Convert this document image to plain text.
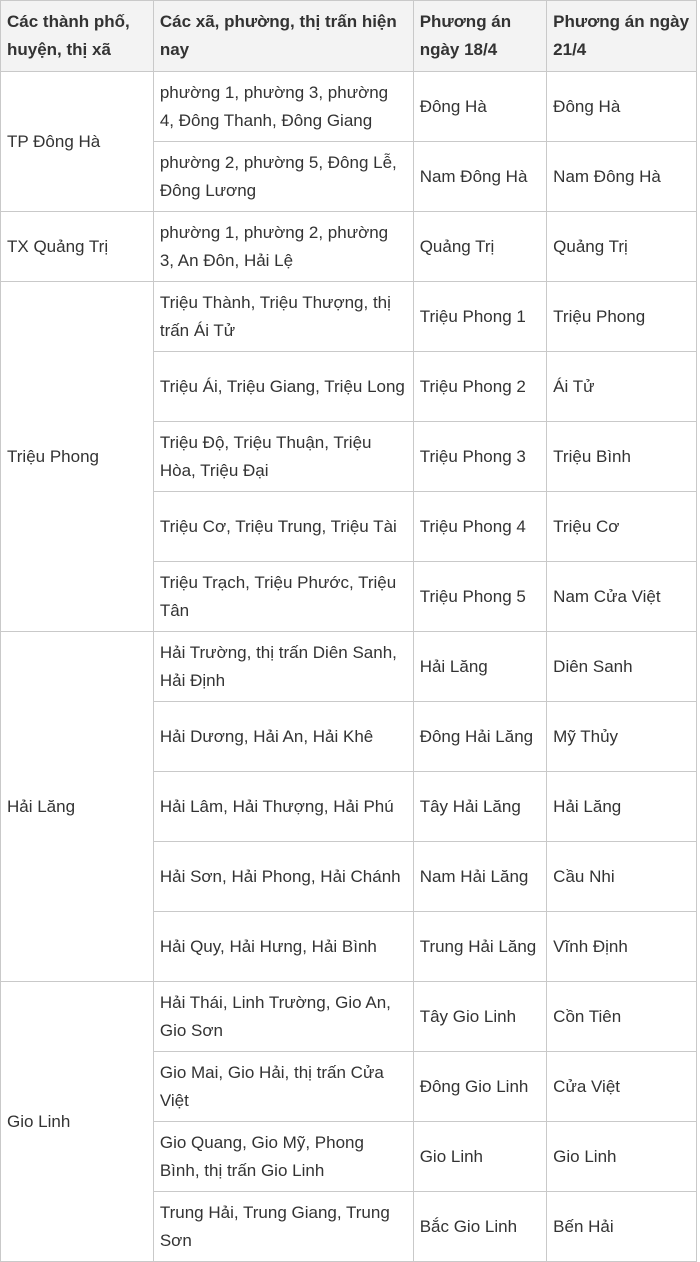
Các thành phố, huyện, thị xã	Các xã, phường, thị trấn hiện nay	Phương án ngày 18/4	Phương án ngày 21/4
TP Đông Hà	phường 1, phường 3, phường 4, Đông Thanh, Đông Giang	Đông Hà	Đông Hà
	phường 2, phường 5, Đông Lễ, Đông Lương	Nam Đông Hà	Nam Đông Hà
TX Quảng Trị	phường 1, phường 2, phường 3, An Đôn, Hải Lệ	Quảng Trị	Quảng Trị
Triệu Phong	Triệu Thành, Triệu Thượng, thị trấn Ái Tử	Triệu Phong 1	Triệu Phong
	Triệu Ái, Triệu Giang, Triệu Long	Triệu Phong 2	Ái Tử
	Triệu Độ, Triệu Thuận, Triệu Hòa, Triệu Đại	Triệu Phong 3	Triệu Bình
	Triệu Cơ, Triệu Trung, Triệu Tài	Triệu Phong 4	Triệu Cơ
	Triệu Trạch, Triệu Phước, Triệu Tân	Triệu Phong 5	Nam Cửa Việt
Hải Lăng	Hải Trường, thị trấn Diên Sanh, Hải Định	Hải Lăng	Diên Sanh
	Hải Dương, Hải An, Hải Khê	Đông Hải Lăng	Mỹ Thủy
	Hải Lâm, Hải Thượng, Hải Phú	Tây Hải Lăng	Hải Lăng
	Hải Sơn, Hải Phong, Hải Chánh	Nam Hải Lăng	Cầu Nhi
	Hải Quy, Hải Hưng, Hải Bình	Trung Hải Lăng	Vĩnh Định
Gio Linh	Hải Thái, Linh Trường, Gio An, Gio Sơn	Tây Gio Linh	Cồn Tiên
	Gio Mai, Gio Hải, thị trấn Cửa Việt	Đông Gio Linh	Cửa Việt
	Gio Quang, Gio Mỹ, Phong Bình, thị trấn Gio Linh	Gio Linh	Gio Linh
	Trung Hải, Trung Giang, Trung Sơn	Bắc Gio Linh	Bến Hải
